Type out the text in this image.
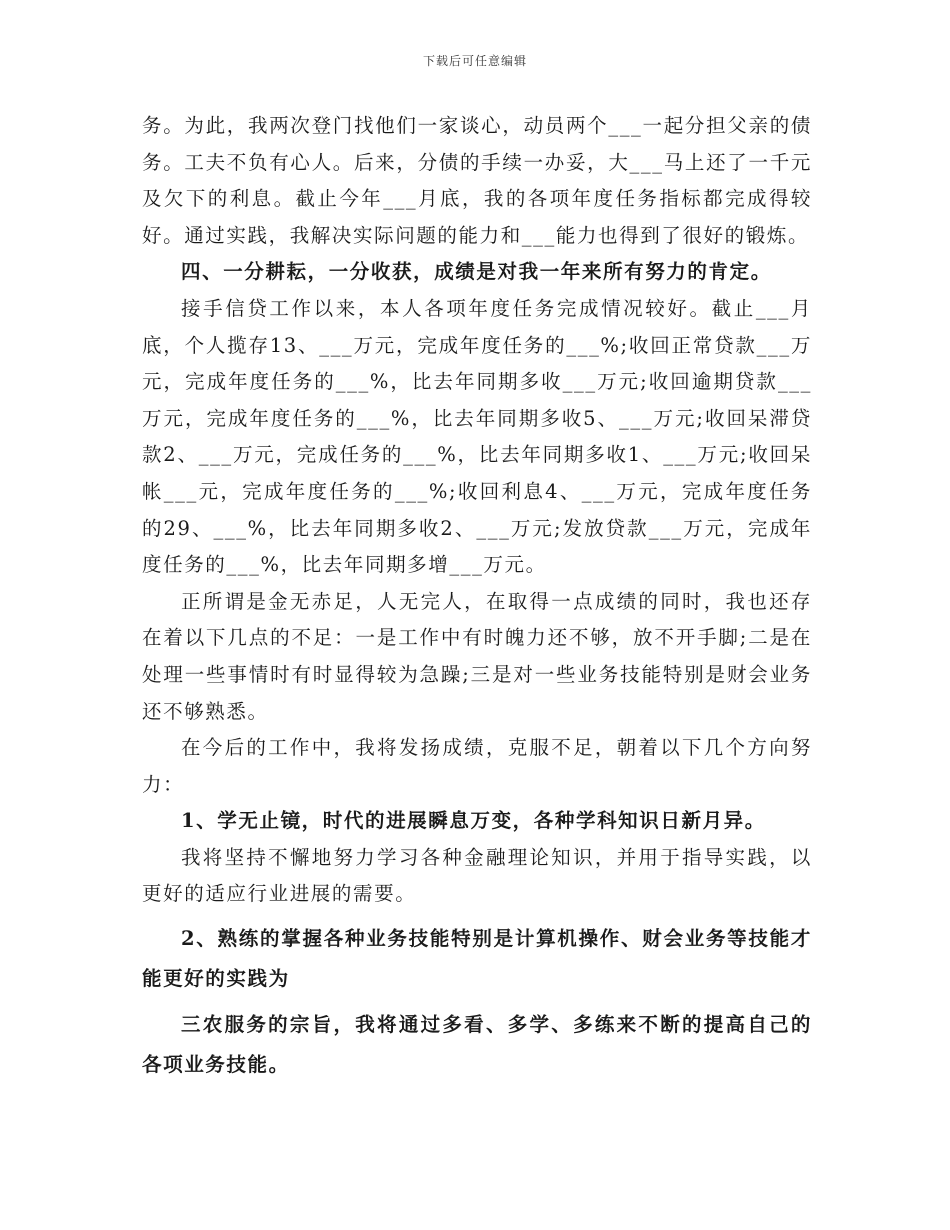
下载后可任意编辑

务。为此，我两次登门找他们一家谈心，动员两个___一起分担父亲的债务。工夫不负有心人。后来，分债的手续一办妥，大___马上还了一千元及欠下的利息。截止今年___月底，我的各项年度任务指标都完成得较好。通过实践，我解决实际问题的能力和___能力也得到了很好的锻炼。

四、一分耕耘，一分收获，成绩是对我一年来所有努力的肯定。

接手信贷工作以来，本人各项年度任务完成情况较好。截止___月底，个人揽存13、___万元，完成年度任务的___%;收回正常贷款___万元，完成年度任务的___%，比去年同期多收___万元;收回逾期贷款___万元，完成年度任务的___%，比去年同期多收5、___万元;收回呆滞贷款2、___万元，完成任务的___%，比去年同期多收1、___万元;收回呆帐___元，完成年度任务的___%;收回利息4、___万元，完成年度任务的29、___%，比去年同期多收2、___万元;发放贷款___万元，完成年度任务的___%，比去年同期多增___万元。

正所谓是金无赤足，人无完人，在取得一点成绩的同时，我也还存在着以下几点的不足：一是工作中有时魄力还不够，放不开手脚;二是在处理一些事情时有时显得较为急躁;三是对一些业务技能特别是财会业务还不够熟悉。

在今后的工作中，我将发扬成绩，克服不足，朝着以下几个方向努力：

1、学无止镜，时代的进展瞬息万变，各种学科知识日新月异。

我将坚持不懈地努力学习各种金融理论知识，并用于指导实践，以更好的适应行业进展的需要。

2、熟练的掌握各种业务技能特别是计算机操作、财会业务等技能才能更好的实践为

三农服务的宗旨，我将通过多看、多学、多练来不断的提高自己的各项业务技能。
